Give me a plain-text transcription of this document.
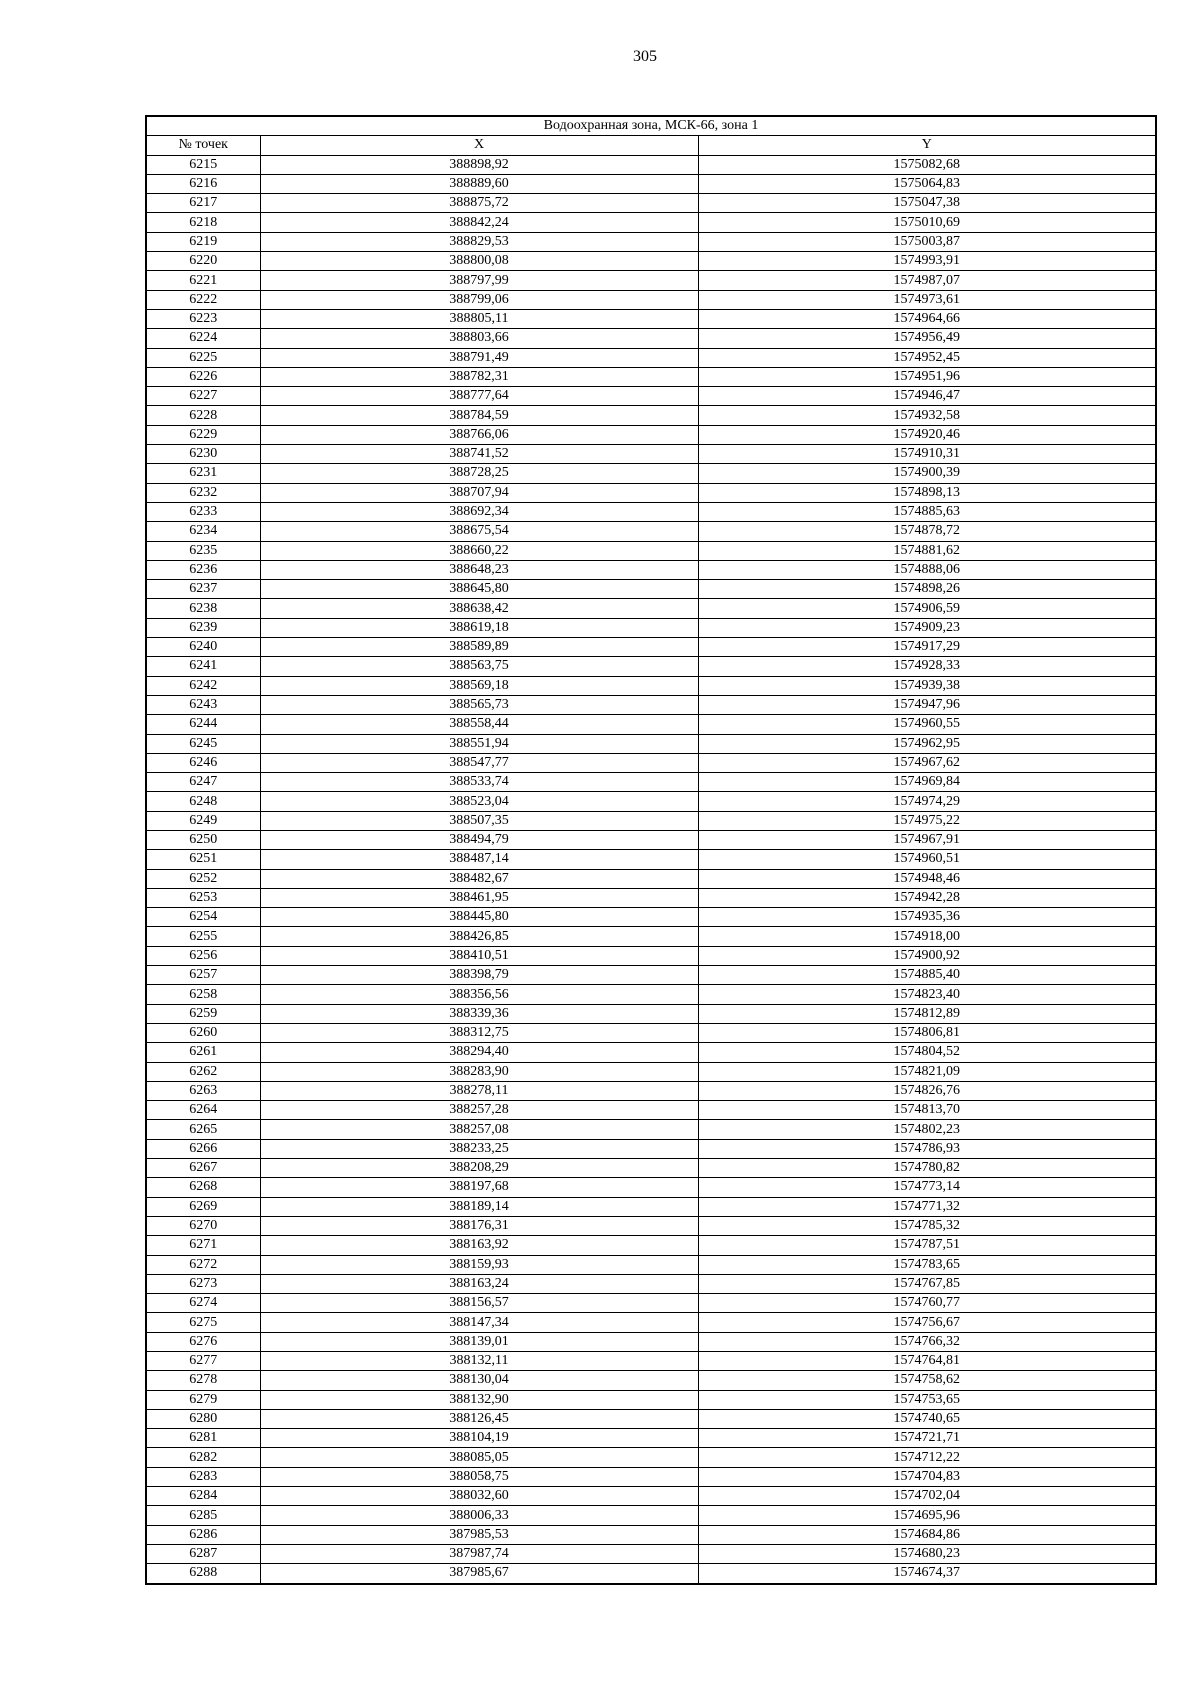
305
Водоохранная зона, МСК-66, зона 1		
№ точек	X	Y
6215	388898,92	1575082,68
6216	388889,60	1575064,83
6217	388875,72	1575047,38
6218	388842,24	1575010,69
6219	388829,53	1575003,87
6220	388800,08	1574993,91
6221	388797,99	1574987,07
6222	388799,06	1574973,61
6223	388805,11	1574964,66
6224	388803,66	1574956,49
6225	388791,49	1574952,45
6226	388782,31	1574951,96
6227	388777,64	1574946,47
6228	388784,59	1574932,58
6229	388766,06	1574920,46
6230	388741,52	1574910,31
6231	388728,25	1574900,39
6232	388707,94	1574898,13
6233	388692,34	1574885,63
6234	388675,54	1574878,72
6235	388660,22	1574881,62
6236	388648,23	1574888,06
6237	388645,80	1574898,26
6238	388638,42	1574906,59
6239	388619,18	1574909,23
6240	388589,89	1574917,29
6241	388563,75	1574928,33
6242	388569,18	1574939,38
6243	388565,73	1574947,96
6244	388558,44	1574960,55
6245	388551,94	1574962,95
6246	388547,77	1574967,62
6247	388533,74	1574969,84
6248	388523,04	1574974,29
6249	388507,35	1574975,22
6250	388494,79	1574967,91
6251	388487,14	1574960,51
6252	388482,67	1574948,46
6253	388461,95	1574942,28
6254	388445,80	1574935,36
6255	388426,85	1574918,00
6256	388410,51	1574900,92
6257	388398,79	1574885,40
6258	388356,56	1574823,40
6259	388339,36	1574812,89
6260	388312,75	1574806,81
6261	388294,40	1574804,52
6262	388283,90	1574821,09
6263	388278,11	1574826,76
6264	388257,28	1574813,70
6265	388257,08	1574802,23
6266	388233,25	1574786,93
6267	388208,29	1574780,82
6268	388197,68	1574773,14
6269	388189,14	1574771,32
6270	388176,31	1574785,32
6271	388163,92	1574787,51
6272	388159,93	1574783,65
6273	388163,24	1574767,85
6274	388156,57	1574760,77
6275	388147,34	1574756,67
6276	388139,01	1574766,32
6277	388132,11	1574764,81
6278	388130,04	1574758,62
6279	388132,90	1574753,65
6280	388126,45	1574740,65
6281	388104,19	1574721,71
6282	388085,05	1574712,22
6283	388058,75	1574704,83
6284	388032,60	1574702,04
6285	388006,33	1574695,96
6286	387985,53	1574684,86
6287	387987,74	1574680,23
6288	387985,67	1574674,37
